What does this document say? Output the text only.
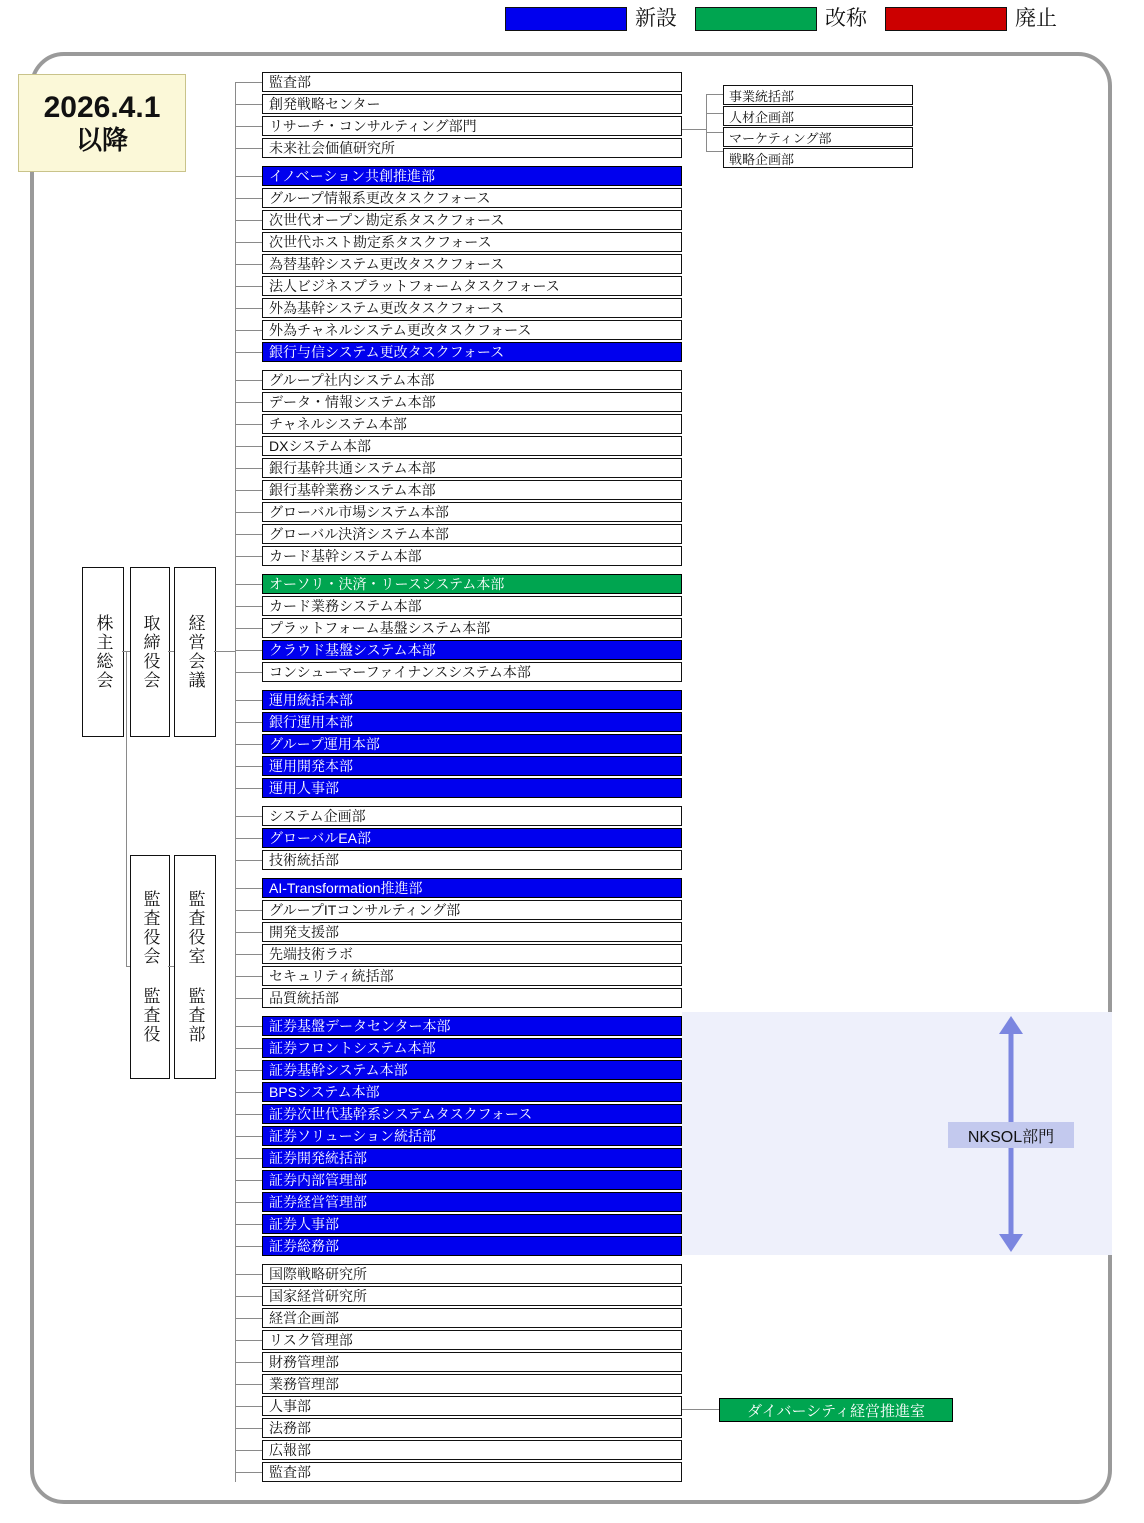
新設	改称	廃止
2026.4.1
以降
株主総会 取締役会 経営会議
監査役会 監査役 監査役室 監査部
NKSOL部門
事業統括部
人材企画部
マーケティング部
戦略企画部
監査部
創発戦略センター
リサーチ・コンサルティング部門
未来社会価値研究所
イノベーション共創推進部
グループ情報系更改タスクフォース
次世代オープン勘定系タスクフォース
次世代ホスト勘定系タスクフォース
為替基幹システム更改タスクフォース
法人ビジネスプラットフォームタスクフォース
外為基幹システム更改タスクフォース
外為チャネルシステム更改タスクフォース
銀行与信システム更改タスクフォース
グループ社内システム本部
データ・情報システム本部
チャネルシステム本部
DXシステム本部
銀行基幹共通システム本部
銀行基幹業務システム本部
グローバル市場システム本部
グローバル決済システム本部
カード基幹システム本部
オーソリ・決済・リースシステム本部
カード業務システム本部
プラットフォーム基盤システム本部
クラウド基盤システム本部
コンシューマーファイナンスシステム本部
運用統括本部
銀行運用本部
グループ運用本部
運用開発本部
運用人事部
システム企画部
グローバルEA部
技術統括部
AI-Transformation推進部
グループITコンサルティング部
開発支援部
先端技術ラボ
セキュリティ統括部
品質統括部
証券基盤データセンター本部
証券フロントシステム本部
証券基幹システム本部
BPSシステム本部
証券次世代基幹系システムタスクフォース
証券ソリューション統括部
証券開発統括部
証券内部管理部
証券経営管理部
証券人事部
証券総務部
国際戦略研究所
国家経営研究所
経営企画部
リスク管理部
財務管理部
業務管理部
人事部
法務部
広報部
監査部
ダイバーシティ経営推進室
